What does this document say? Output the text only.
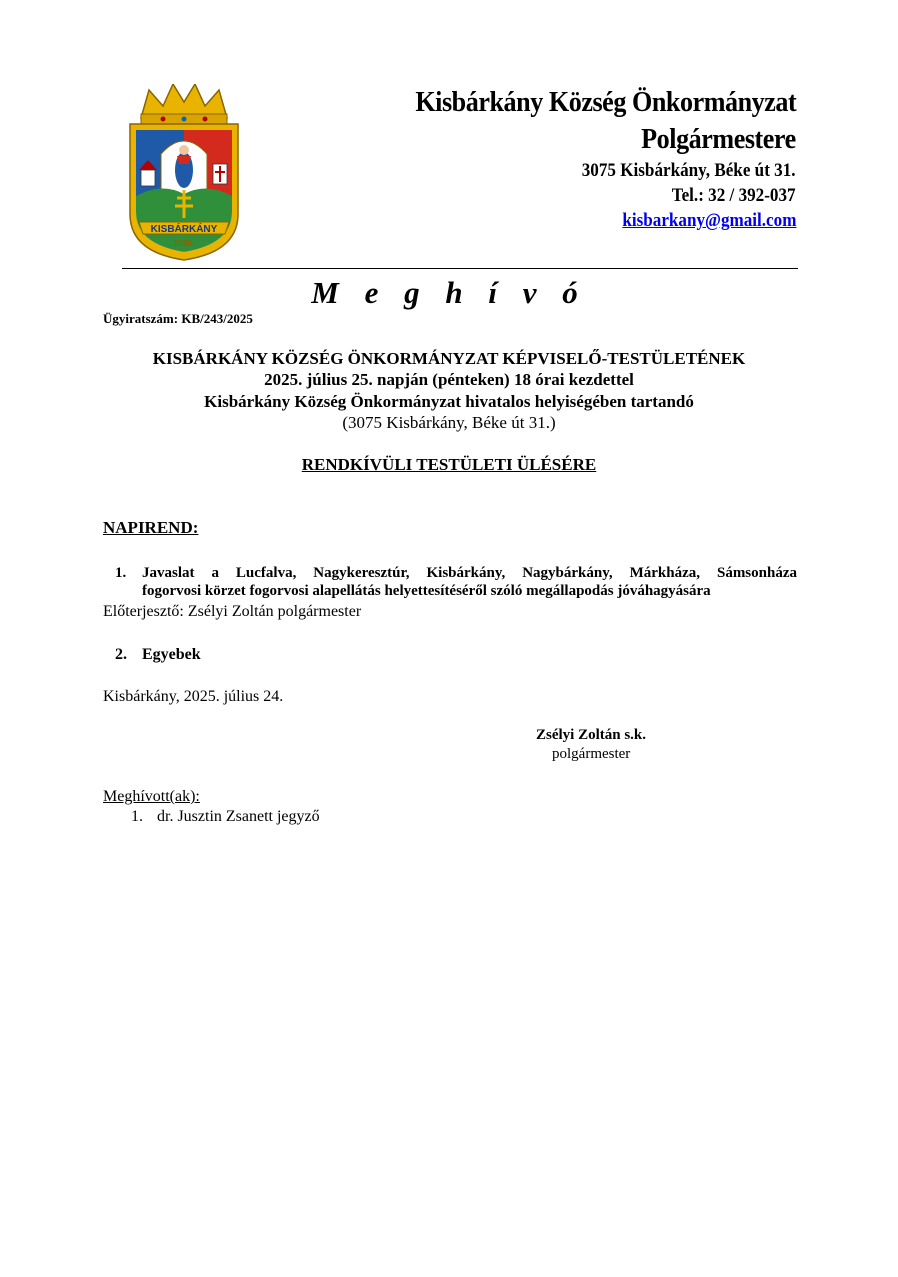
KISBÁRKÁNY
2000.
Kisbárkány Község Önkormányzat
Polgármestere
3075 Kisbárkány, Béke út 31.
Tel.: 32 / 392-037
kisbarkany@gmail.com
M e g h í v ó
Ügyiratszám: KB/243/2025
KISBÁRKÁNY KÖZSÉG ÖNKORMÁNYZAT KÉPVISELŐ-TESTÜLETÉNEK
2025. július 25. napján (pénteken) 18 órai kezdettel
Kisbárkány Község Önkormányzat hivatalos helyiségében tartandó
(3075 Kisbárkány, Béke út 31.)
RENDKÍVÜLI TESTÜLETI ÜLÉSÉRE
NAPIREND:
1. Javaslat a Lucfalva, Nagykeresztúr, Kisbárkány, Nagybárkány, Márkháza, Sámsonháza
fogorvosi körzet fogorvosi alapellátás helyettesítéséről szóló megállapodás jóváhagyására
Előterjesztő: Zsélyi Zoltán polgármester
2. Egyebek
Kisbárkány, 2025. július 24.
Zsélyi Zoltán s.k.
polgármester
Meghívott(ak):
1. dr. Jusztin Zsanett jegyző
